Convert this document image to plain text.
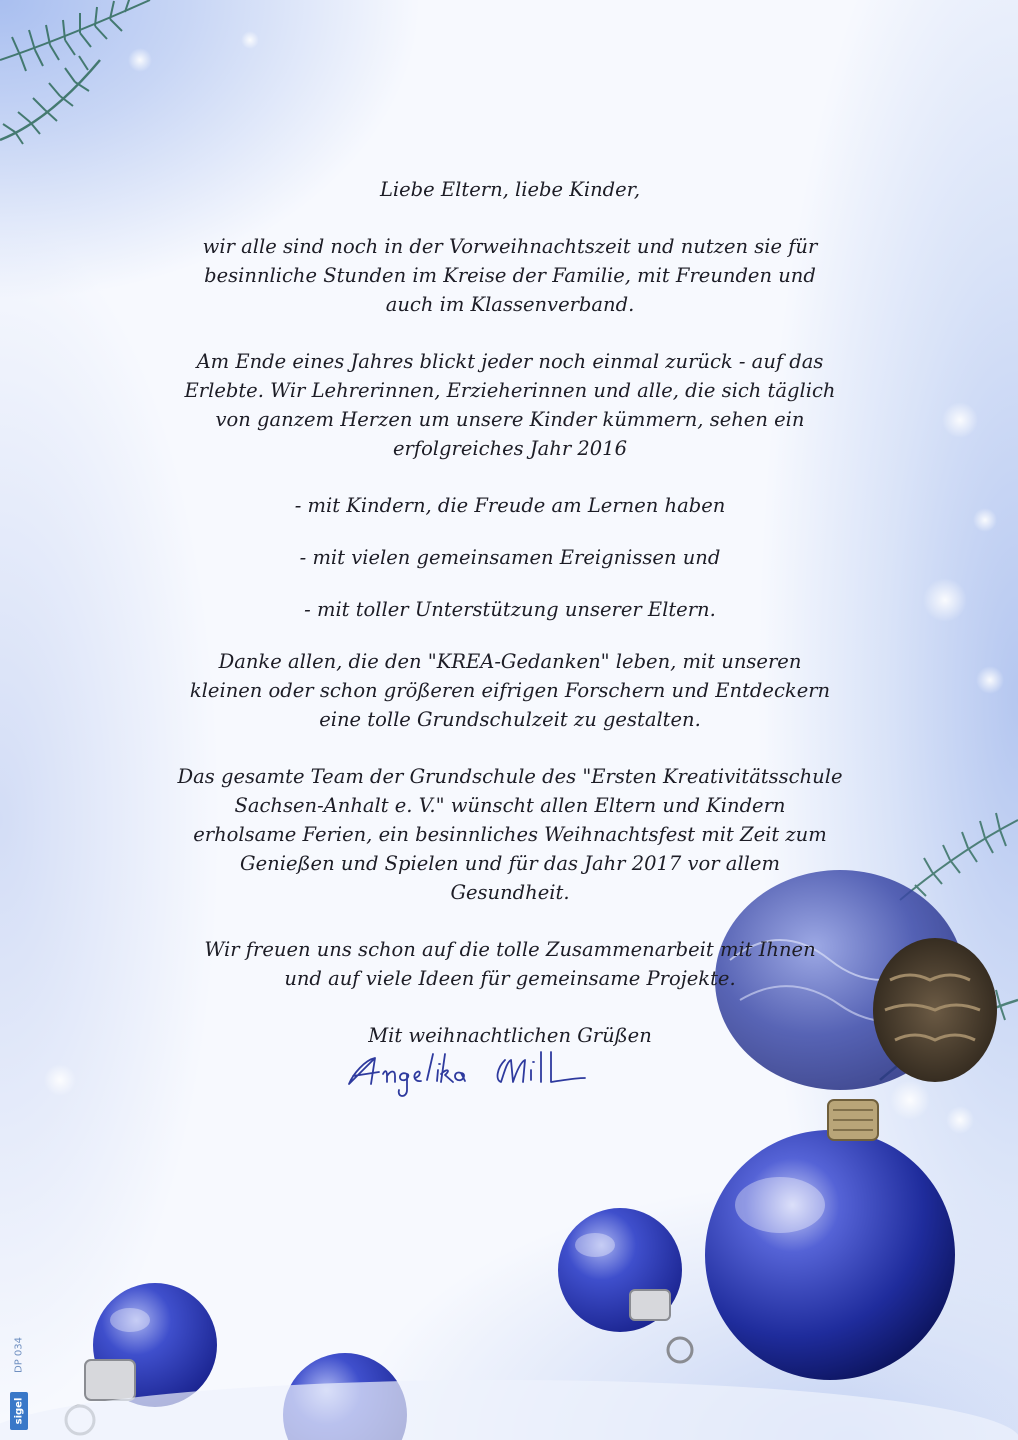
Liebe Eltern, liebe Kinder,

wir alle sind noch in der Vorweihnachtszeit und nutzen sie für

besinnliche Stunden im Kreise der Familie, mit Freunden und

auch im Klassenverband.

Am Ende eines Jahres blickt jeder noch einmal zurück - auf das

Erlebte. Wir Lehrerinnen, Erzieherinnen und alle, die sich täglich

von ganzem Herzen um unsere Kinder kümmern, sehen ein

erfolgreiches Jahr 2016

- mit Kindern, die Freude am Lernen haben

- mit vielen gemeinsamen Ereignissen und

- mit toller Unterstützung unserer Eltern.

Danke allen, die den "KREA-Gedanken" leben, mit unseren

kleinen oder schon größeren eifrigen Forschern und Entdeckern

eine tolle Grundschulzeit zu gestalten.

Das gesamte Team der Grundschule des "Ersten Kreativitätsschule

Sachsen-Anhalt e. V." wünscht allen Eltern und Kindern

erholsame Ferien, ein besinnliches Weihnachtsfest mit Zeit zum

Genießen und Spielen und für das Jahr 2017 vor allem

Gesundheit.

Wir freuen uns schon auf die tolle Zusammenarbeit mit Ihnen

und auf viele Ideen für gemeinsame Projekte.

Mit weihnachtlichen Grüßen

DP 034
sigel
